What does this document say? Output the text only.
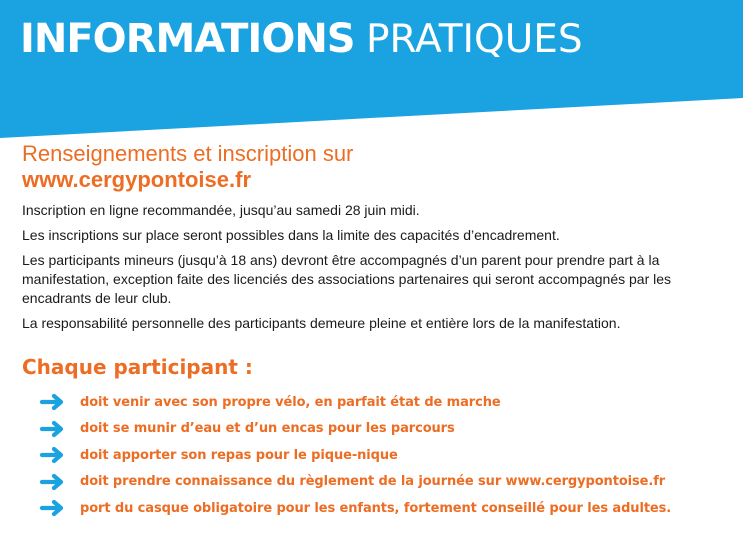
INFORMATIONS PRATIQUES

Renseignements et inscription sur

www.cergypontoise.fr

Inscription en ligne recommandée, jusqu’au samedi 28 juin midi.

Les inscriptions sur place seront possibles dans la limite des capacités d’encadrement.

Les participants mineurs (jusqu’à 18 ans) devront être accompagnés d’un parent pour prendre part à la manifestation, exception faite des licenciés des associations partenaires qui seront accompagnés par les encadrants de leur club.

La responsabilité personnelle des participants demeure pleine et entière lors de la manifestation.

Chaque participant :
doit venir avec son propre vélo, en parfait état de marche
doit se munir d’eau et d’un encas pour les parcours
doit apporter son repas pour le pique-nique
doit prendre connaissance du règlement de la journée sur www.cergypontoise.fr
port du casque obligatoire pour les enfants, fortement conseillé pour les adultes.
